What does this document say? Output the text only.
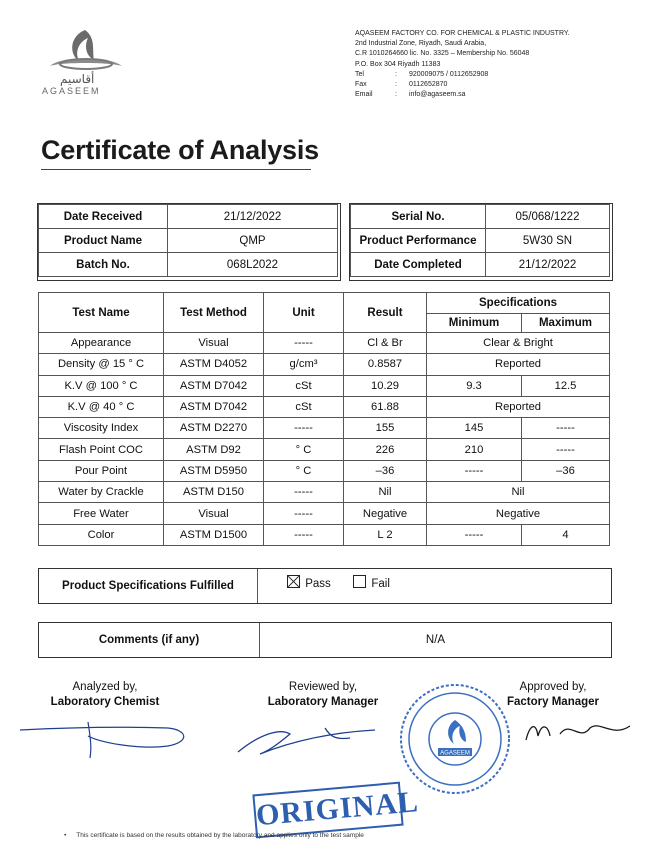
أقاسيم
AGASEEM
AQASEEM FACTORY CO. FOR CHEMICAL & PLASTIC INDUSTRY.
2nd Industrial Zone, Riyadh, Saudi Arabia,
C.R 1010264660 lic. No. 3325 – Membership No. 56048
P.O. Box 304 Riyadh 11383
Tel	: 920009075 / 0112652908
Fax	: 0112652870
Email	: info@agaseem.sa
Certificate of Analysis
Date Received	21/12/2022
Product Name	QMP
Batch No.	068L2022
Serial No.	05/068/1222
Product Performance	5W30 SN
Date Completed	21/12/2022
Test Name	Test Method	Unit	Result	Specifications	
				Minimum	Maximum
Appearance	Visual	-----	Cl & Br	Clear & Bright	
Density @ 15 ° C	ASTM D4052	g/cm³	0.8587	Reported	
K.V @ 100 ° C	ASTM D7042	cSt	10.29	9.3	12.5
K.V @ 40 ° C	ASTM D7042	cSt	61.88	Reported	
Viscosity Index	ASTM D2270	-----	155	145	-----
Flash Point COC	ASTM D92	° C	226	210	-----
Pour Point	ASTM D5950	° C	–36	-----	–36
Water by Crackle	ASTM D150	-----	Nil	Nil	
Free Water	Visual	-----	Negative	Negative	
Color	ASTM D1500	-----	L 2	-----	4
Product Specifications Fulfilled	Pass	Fail
Comments (if any)	N/A
Analyzed by,
Laboratory Chemist
Reviewed by,
Laboratory Manager
Approved by,
Factory Manager
AGASEEM
ORIGINAL
• This certificate is based on the results obtained by the laboratory and applies only to the test sample
